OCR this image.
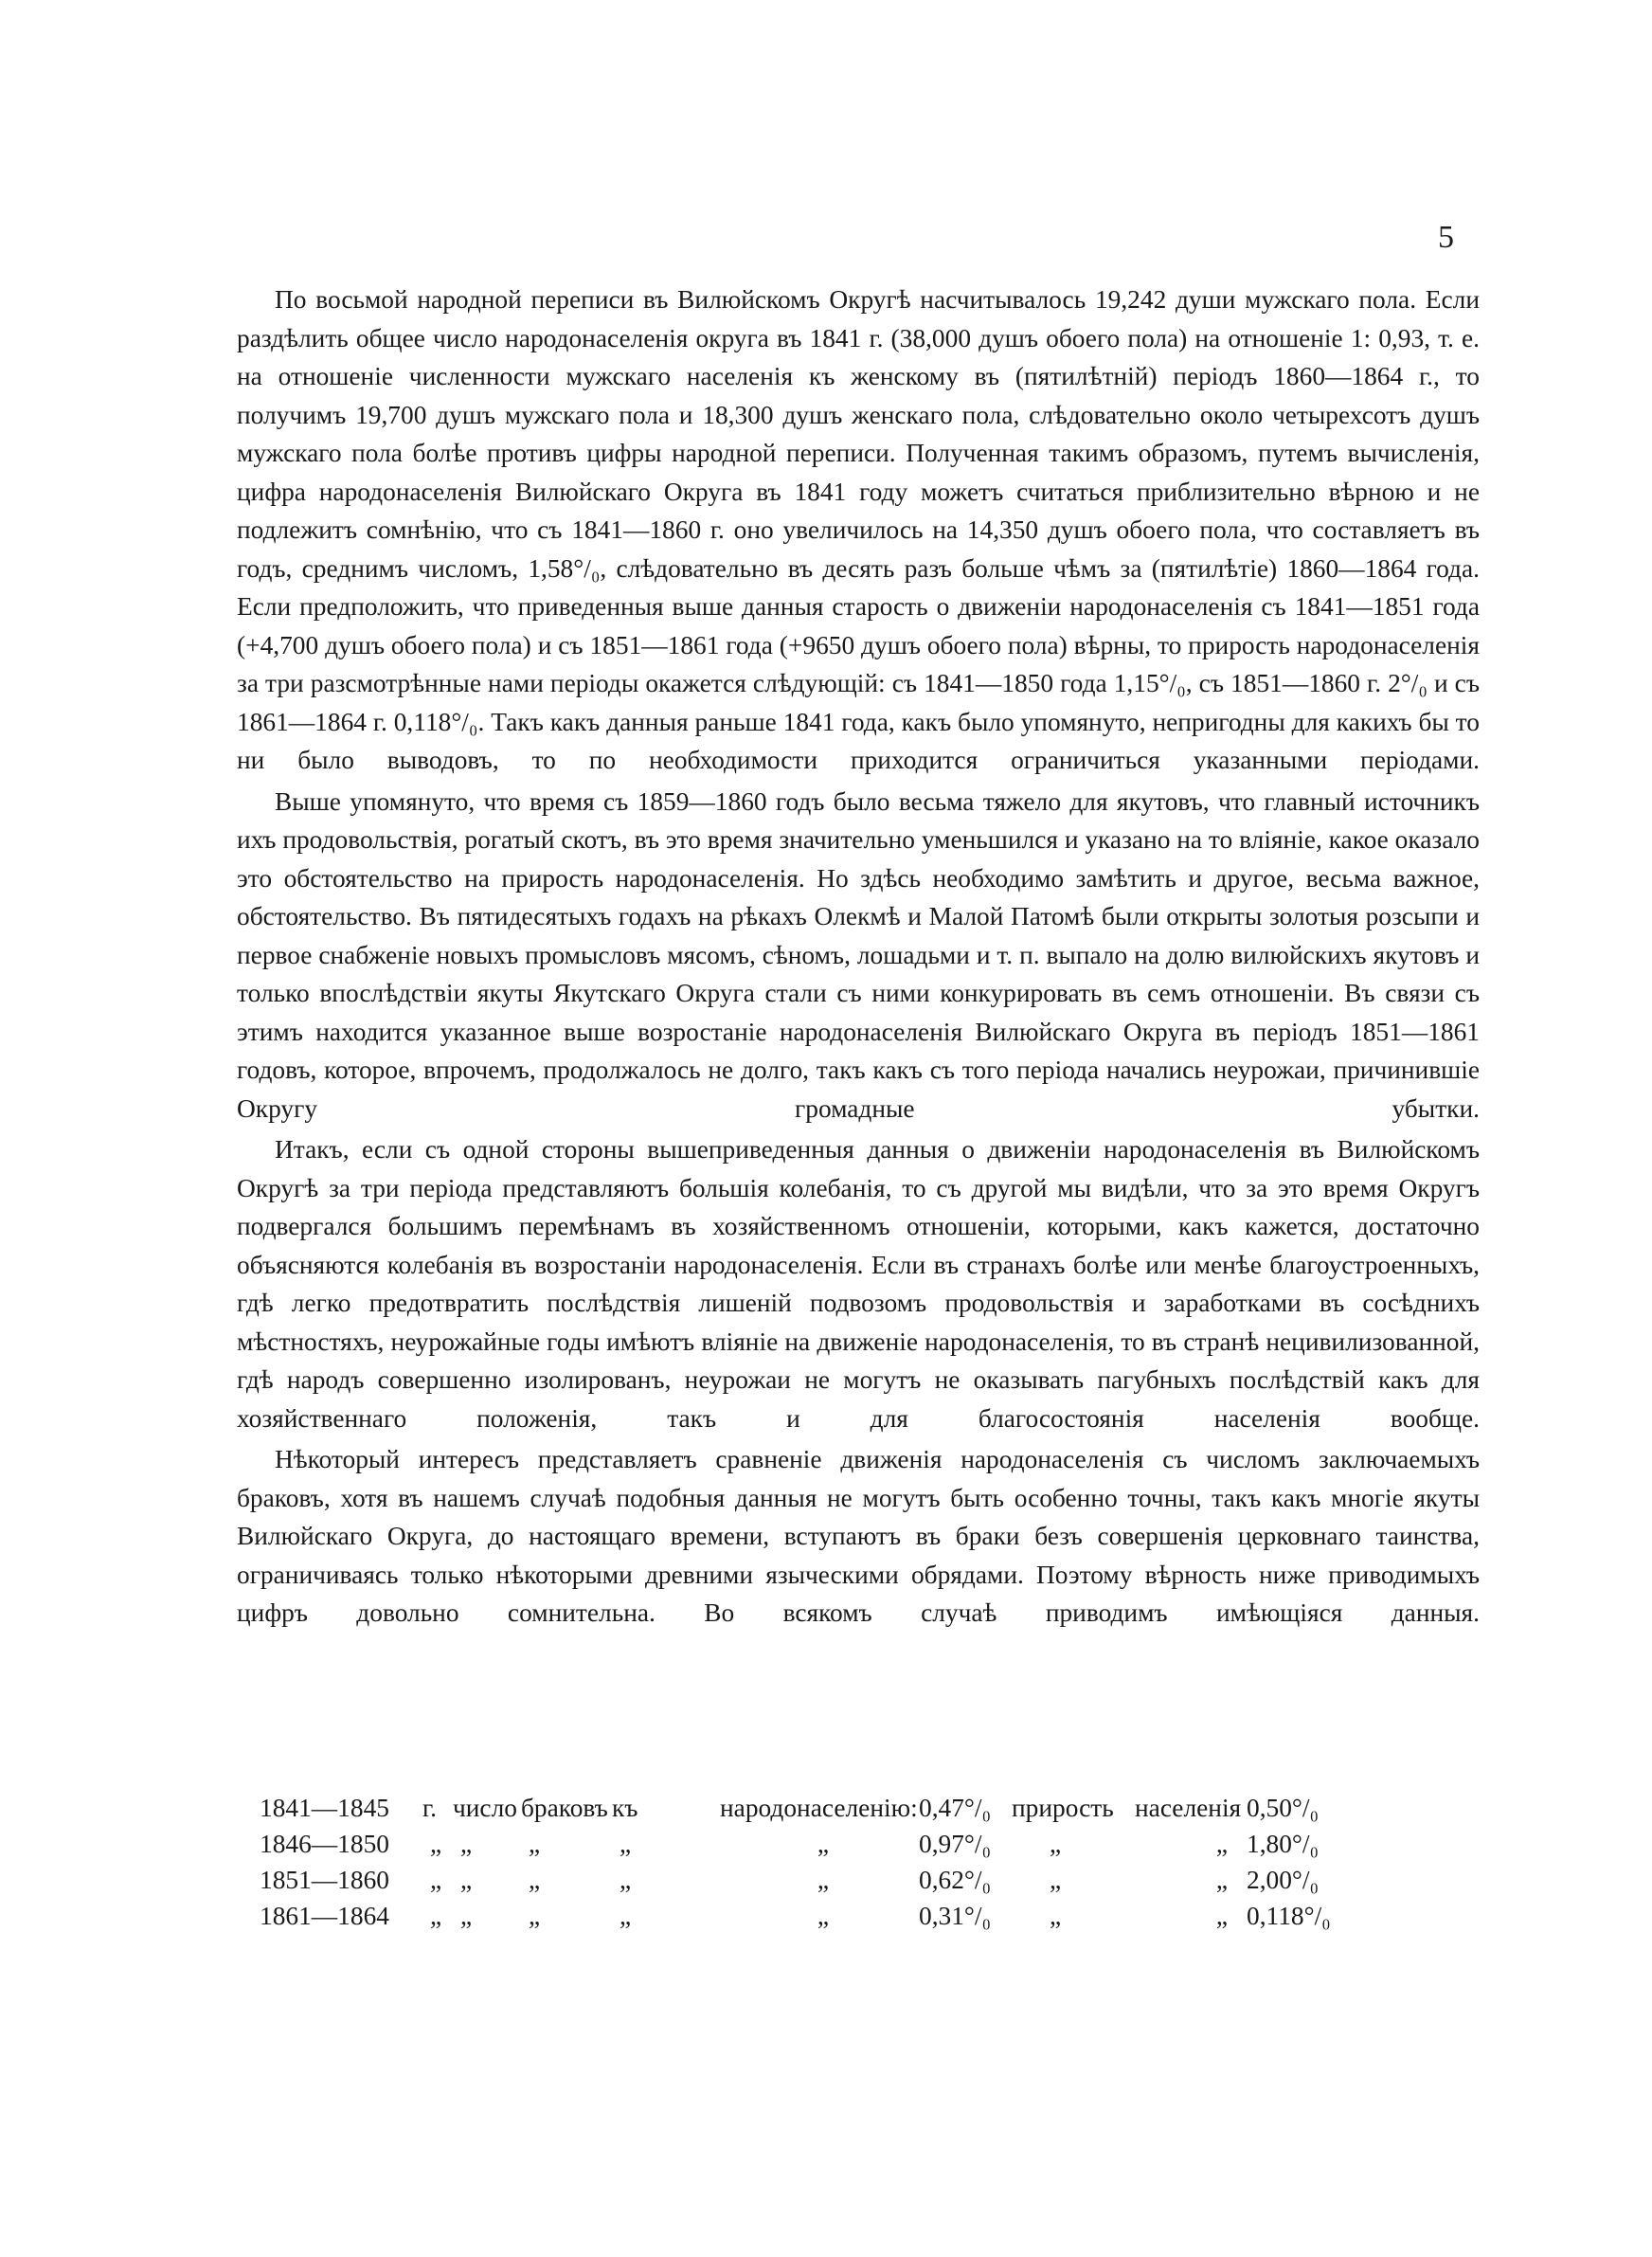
5

По восьмой народной переписи въ Вилюйскомъ Округѣ насчитывалось 19,242 души мужскаго пола. Если раздѣлить общее число народонаселенія округа въ 1841 г. (38,000 душъ обоего пола) на отношеніе 1: 0,93, т. е. на отношеніе численности мужскаго населенія къ женскому въ (пятилѣтній) періодъ 1860—1864 г., то получимъ 19,700 душъ мужскаго пола и 18,300 душъ женскаго пола, слѣдовательно около четырехсотъ душъ мужскаго пола болѣе противъ цифры народной переписи. Полученная такимъ образомъ, путемъ вычисленія, цифра народонаселенія Вилюйскаго Округа въ 1841 году можетъ считаться приблизительно вѣрною и не подлежитъ сомнѣнію, что съ 1841—1860 г. оно увеличилось на 14,350 душъ обоего пола, что составляетъ въ годъ, среднимъ числомъ, 1,58°/₀, слѣдовательно въ десять разъ больше чѣмъ за (пятилѣтіе) 1860—1864 года. Если предположить, что приведенныя выше данныя старость о движеніи народонаселенія съ 1841—1851 года (+4,700 душъ обоего пола) и съ 1851—1861 года (+9650 душъ обоего пола) вѣрны, то прирость народонаселенія за три разсмотрѣнные нами періоды окажется слѣдующій: съ 1841—1850 года 1,15°/₀, съ 1851—1860 г. 2°/₀ и съ 1861—1864 г. 0,118°/₀. Такъ какъ данныя раньше 1841 года, какъ было упомянуто, непригодны для какихъ бы то ни было выводовъ, то по необходимости приходится ограничиться указанными періодами.

Выше упомянуто, что время съ 1859—1860 годъ было весьма тяжело для якутовъ, что главный источникъ ихъ продовольствія, рогатый скотъ, въ это время значительно уменьшился и указано на то вліяніе, какое оказало это обстоятельство на прирость народонаселенія. Но здѣсь необходимо замѣтить и другое, весьма важное, обстоятельство. Въ пятидесятыхъ годахъ на рѣкахъ Олекмѣ и Малой Патомѣ были открыты золотыя розсыпи и первое снабженіе новыхъ промысловъ мясомъ, сѣномъ, лошадьми и т. п. выпало на долю вилюйскихъ якутовъ и только впослѣдствіи якуты Якутскаго Округа стали съ ними конкурировать въ семъ отношеніи. Въ связи съ этимъ находится указанное выше возростаніе народонаселенія Вилюйскаго Округа въ періодъ 1851—1861 годовъ, которое, впрочемъ, продолжалось не долго, такъ какъ съ того періода начались неурожаи, причинившіе Округу громадные убытки.

Итакъ, если съ одной стороны вышеприведенныя данныя о движеніи народонаселенія въ Вилюйскомъ Округѣ за три періода представляютъ большія колебанія, то съ другой мы видѣли, что за это время Округъ подвергался большимъ перемѣнамъ въ хозяйственномъ отношеніи, которыми, какъ кажется, достаточно объясняются колебанія въ возростаніи народонаселенія. Если въ странахъ болѣе или менѣе благоустроенныхъ, гдѣ легко предотвратить послѣдствія лишеній подвозомъ продовольствія и заработками въ сосѣднихъ мѣстностяхъ, неурожайные годы имѣютъ вліяніе на движеніе народонаселенія, то въ странѣ нецивилизованной, гдѣ народъ совершенно изолированъ, неурожаи не могутъ не оказывать пагубныхъ послѣдствій какъ для хозяйственнаго положенія, такъ и для благосостоянія населенія вообще.

Нѣкоторый интересъ представляетъ сравненіе движенія народонаселенія съ числомъ заключаемыхъ браковъ, хотя въ нашемъ случаѣ подобныя данныя не могутъ быть особенно точны, такъ какъ многіе якуты Вилюйскаго Округа, до настоящаго времени, вступаютъ въ браки безъ совершенія церковнаго таинства, ограничиваясь только нѣкоторыми древними языческими обрядами. Поэтому вѣрность ниже приводимыхъ цифръ довольно сомнительна. Во всякомъ случаѣ приводимъ имѣющіяся данныя.

1841—1845	г.	число	браковъ	къ	народонаселенію:	0,47°/₀	прирость	населенія	0,50°/₀
1846—1850	„	„	„	„	„	0,97°/₀	„	„	1,80°/₀
1851—1860	„	„	„	„	„	0,62°/₀	„	„	2,00°/₀
1861—1864	„	„	„	„	„	0,31°/₀	„	„	0,118°/₀
